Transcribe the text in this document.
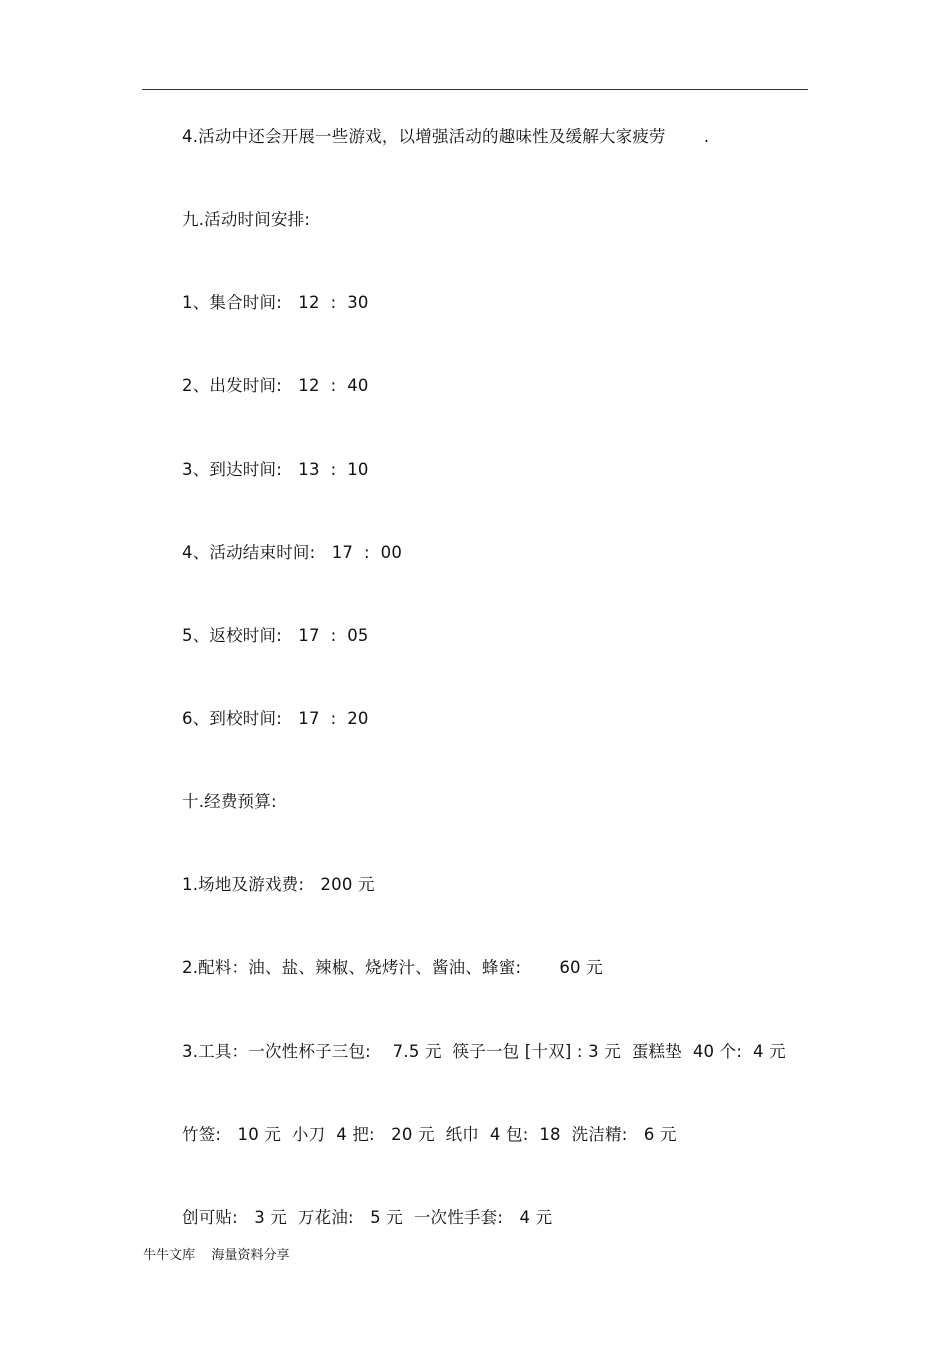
4.活动中还会开展一些游戏，以增强活动的趣味性及缓解大家疲劳       .
九.活动时间安排:
1、集合时间:   12  :  30
2、出发时间:   12  :  40
3、到达时间:   13  :  10
4、活动结束时间:   17  :  00
5、返校时间:   17  :  05
6、到校时间:   17  :  20
十.经费预算:
1.场地及游戏费:   200 元
2.配料：油、盐、辣椒、烧烤汁、酱油、蜂蜜:       60 元
3.工具：一次性杯子三包:    7.5 元  筷子一包 [十双] : 3 元  蛋糕垫  40 个:  4 元
竹签:   10 元  小刀  4 把:   20 元  纸巾  4 包:  18  洗洁精:   6 元
创可贴:   3 元  万花油:   5 元  一次性手套:   4 元
牛牛文库    海量资料分享
